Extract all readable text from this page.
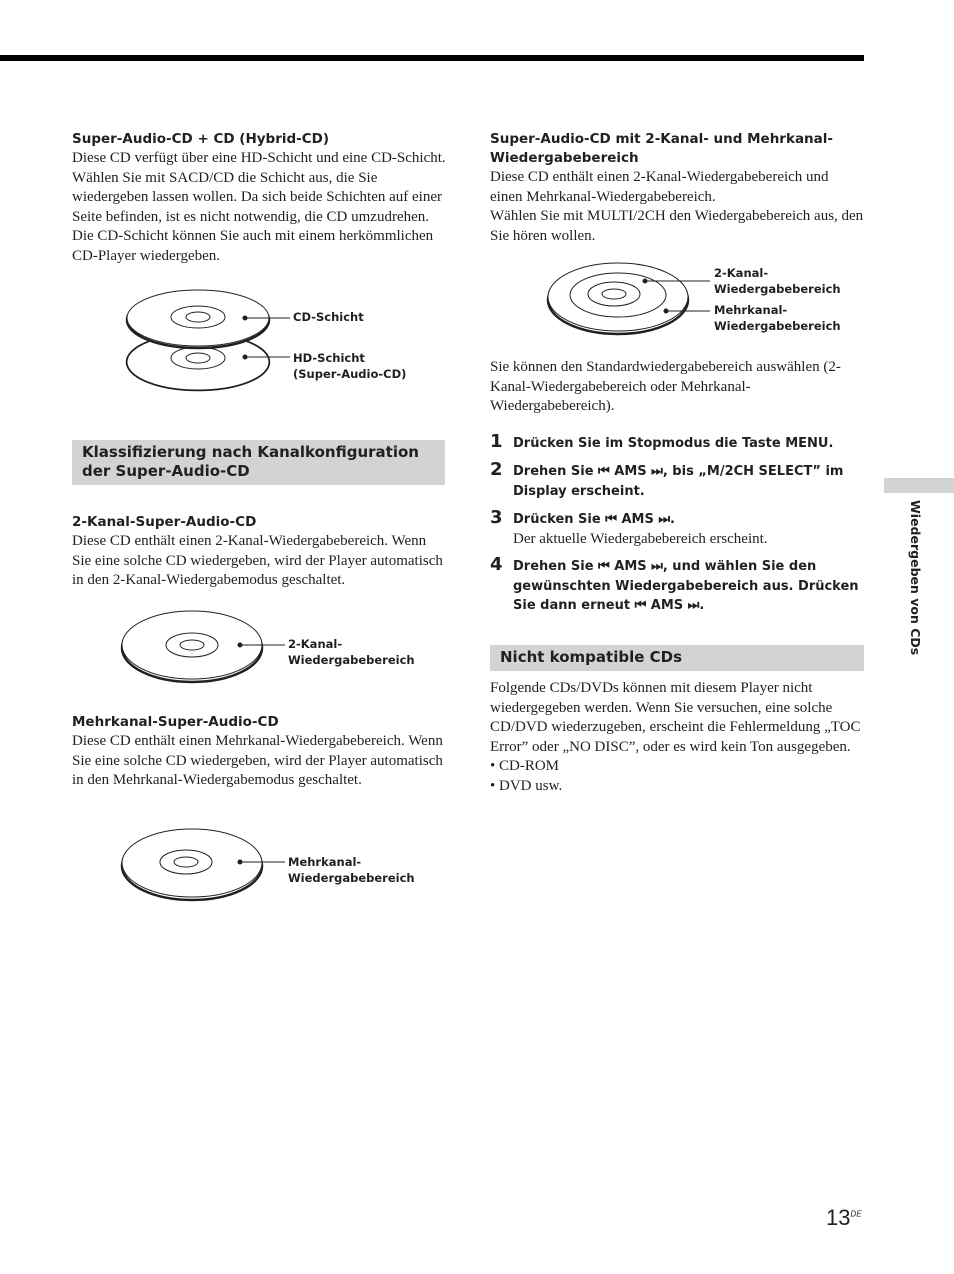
Super-Audio-CD + CD (Hybrid-CD)
Diese CD verfügt über eine HD-Schicht und eine CD-Schicht. Wählen Sie mit SACD/CD die Schicht aus, die Sie wiedergeben lassen wollen. Da sich beide Schichten auf einer Seite befinden, ist es nicht notwendig, die CD umzudrehen. Die CD-Schicht können Sie auch mit einem herkömmlichen CD-Player wiedergeben.
CD-Schicht
HD-Schicht
(Super-Audio-CD)
Klassifizierung nach Kanalkonfiguration der Super-Audio-CD
2-Kanal-Super-Audio-CD
Diese CD enthält einen 2-Kanal-Wiedergabebereich. Wenn Sie eine solche CD wiedergeben, wird der Player automatisch in den 2-Kanal-Wiedergabemodus geschaltet.
2-Kanal-
Wiedergabebereich
Mehrkanal-Super-Audio-CD
Diese CD enthält einen Mehrkanal-Wiedergabebereich. Wenn Sie eine solche CD wiedergeben, wird der Player automatisch in den Mehrkanal-Wiedergabemodus geschaltet.
Mehrkanal-
Wiedergabebereich
Super-Audio-CD mit 2-Kanal- und Mehrkanal-Wiedergabebereich
Diese CD enthält einen 2-Kanal-Wiedergabebereich und einen Mehrkanal-Wiedergabebereich.
Wählen Sie mit MULTI/2CH den Wiedergabebereich aus, den Sie hören wollen.
2-Kanal-
Wiedergabebereich
Mehrkanal-
Wiedergabebereich
Sie können den Standardwiedergabebereich auswählen (2-Kanal-Wiedergabebereich oder Mehrkanal-Wiedergabebereich).
1 Drücken Sie im Stopmodus die Taste MENU.
2 Drehen Sie ⏮ AMS ⏭, bis „M/2CH SELECT” im Display erscheint.
3 Drücken Sie ⏮ AMS ⏭.
Der aktuelle Wiedergabebereich erscheint.
4 Drehen Sie ⏮ AMS ⏭, und wählen Sie den gewünschten Wiedergabebereich aus. Drücken Sie dann erneut ⏮ AMS ⏭.
Nicht kompatible CDs
Folgende CDs/DVDs können mit diesem Player nicht wiedergegeben werden. Wenn Sie versuchen, eine solche CD/DVD wiederzugeben, erscheint die Fehlermeldung „TOC Error” oder „NO DISC”, oder es wird kein Ton ausgegeben.
• CD-ROM
• DVD usw.
Wiedergeben von CDs
13DE
